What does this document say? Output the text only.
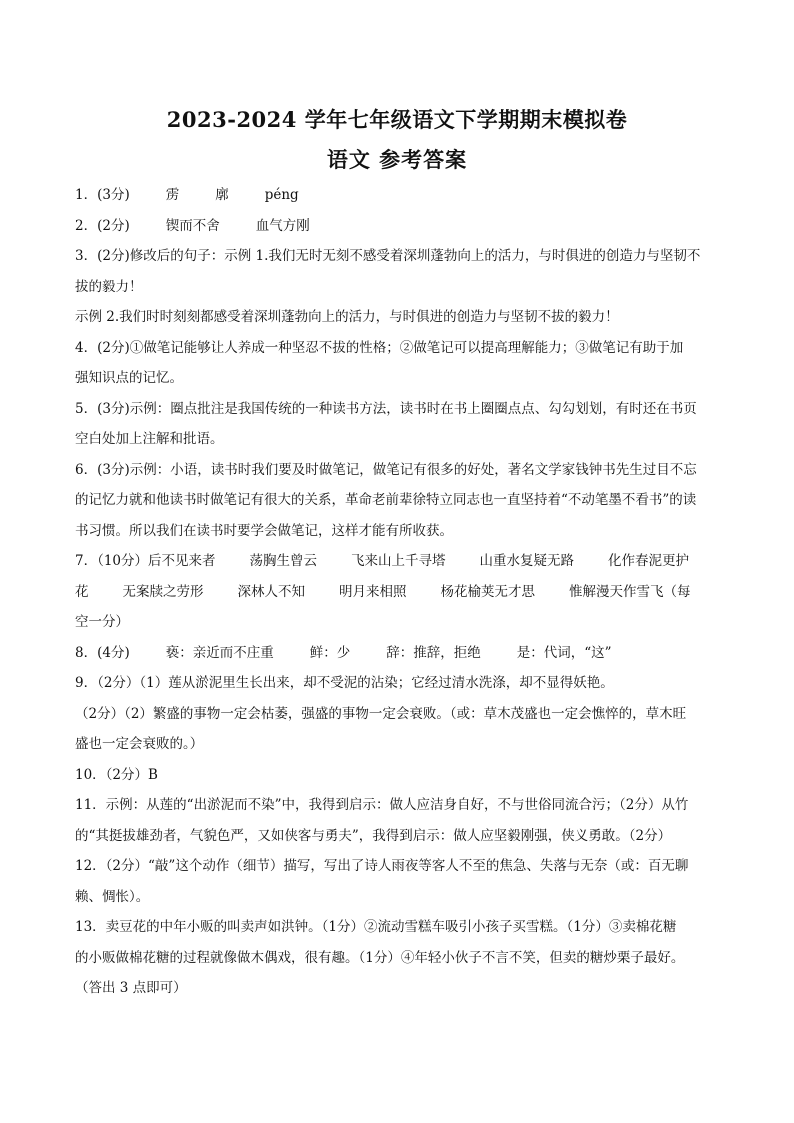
2023-2024 学年七年级语文下学期期末模拟卷
语文 参考答案
1．(3分)	雳	廓	péng
2．(2分)	锲而不舍	血气方刚
3．(2分)修改后的句子：示例 1.我们无时无刻不感受着深圳蓬勃向上的活力，与时俱进的创造力与坚韧不
拔的毅力！
示例 2.我们时时刻刻都感受着深圳蓬勃向上的活力，与时俱进的创造力与坚韧不拔的毅力！
4．(2分)①做笔记能够让人养成一种坚忍不拔的性格；②做笔记可以提高理解能力；③做笔记有助于加
强知识点的记忆。
5．(3分)示例：圈点批注是我国传统的一种读书方法，读书时在书上圈圈点点、勾勾划划，有时还在书页
空白处加上注解和批语。
6．(3分)示例：小语，读书时我们要及时做笔记，做笔记有很多的好处，著名文学家钱钟书先生过目不忘
的记忆力就和他读书时做笔记有很大的关系，革命老前辈徐特立同志也一直坚持着“不动笔墨不看书”的读
书习惯。所以我们在读书时要学会做笔记，这样才能有所收获。
7．（10分）后不见来者	荡胸生曾云	飞来山上千寻塔	山重水复疑无路	化作春泥更护
花	无案牍之劳形	深林人不知	明月来相照	杨花榆荚无才思	惟解漫天作雪飞（每
空一分）
8．(4分)	亵：亲近而不庄重	鲜：少	辞：推辞，拒绝	是：代词，“这”
9．（2分）（1）莲从淤泥里生长出来，却不受泥的沾染；它经过清水洗涤，却不显得妖艳。
（2分）（2）繁盛的事物一定会枯萎，强盛的事物一定会衰败。（或：草木茂盛也一定会憔悴的，草木旺
盛也一定会衰败的。）
10．（2分）B
11．示例：从莲的“出淤泥而不染”中，我得到启示：做人应洁身自好，不与世俗同流合污；（2分）从竹
的“其挺拔雄劲者，气貌色严，又如侠客与勇夫”，我得到启示：做人应坚毅刚强，侠义勇敢。（2分）
12．（2分）“敲”这个动作（细节）描写，写出了诗人雨夜等客人不至的焦急、失落与无奈（或：百无聊
赖、惆怅）。
13．卖豆花的中年小贩的叫卖声如洪钟。（1分）②流动雪糕车吸引小孩子买雪糕。（1分）③卖棉花糖
的小贩做棉花糖的过程就像做木偶戏，很有趣。（1分）④年轻小伙子不言不笑，但卖的糖炒栗子最好。
（答出 3 点即可）
